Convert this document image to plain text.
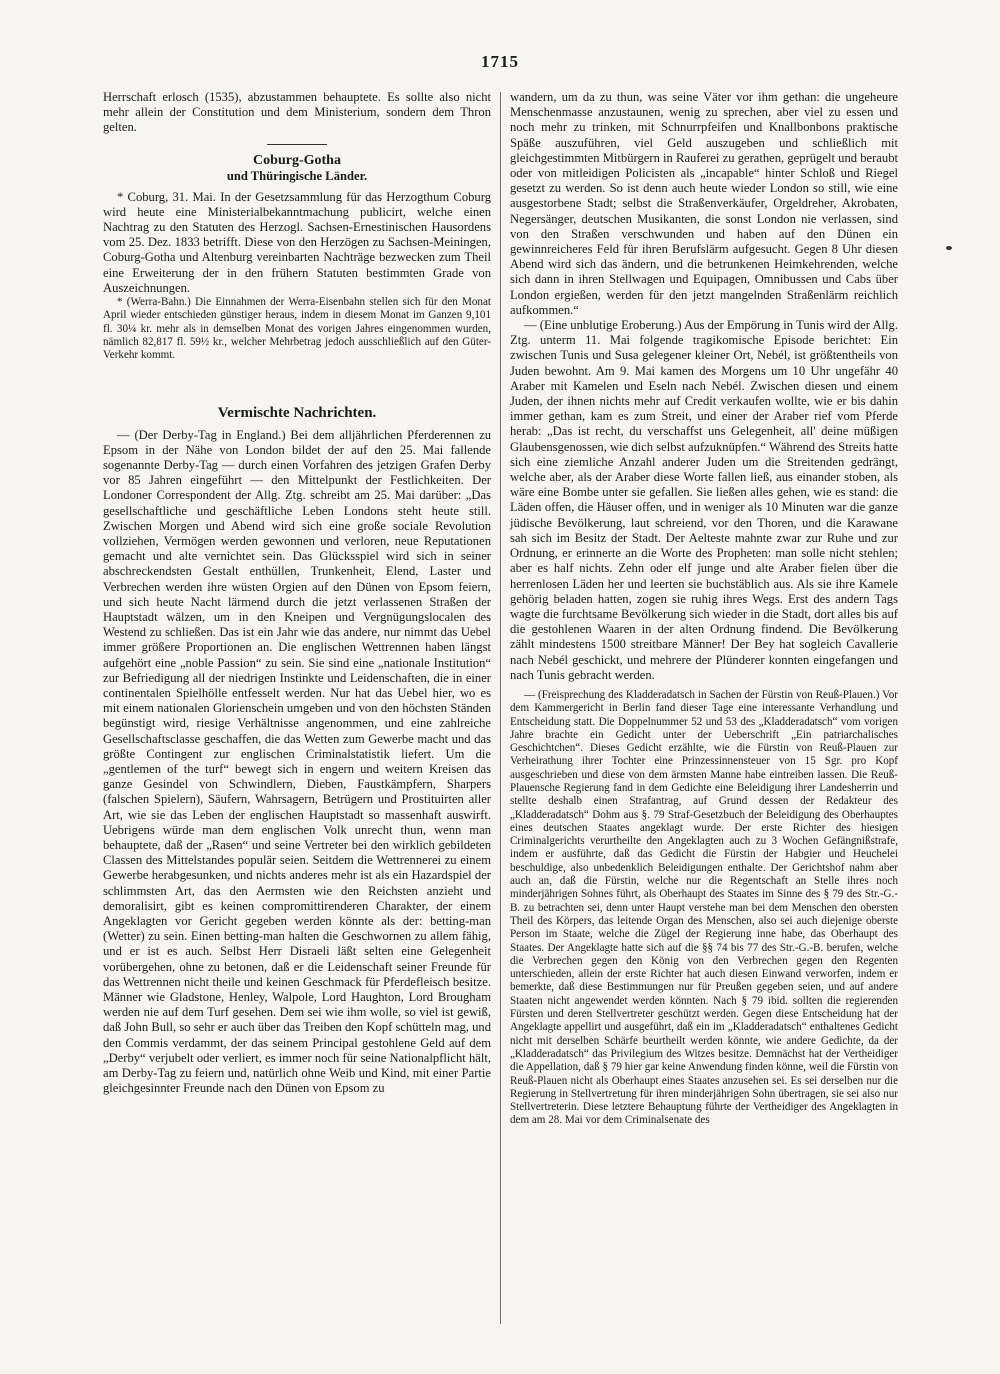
1715

Herrschaft erlosch (1535), abzustammen behauptete. Es sollte also nicht mehr allein der Constitution und dem Ministerium, sondern dem Thron gelten.

Coburg-Gotha
und Thüringische Länder.

* Coburg, 31. Mai. In der Gesetzsammlung für das Herzogthum Coburg wird heute eine Ministerialbekanntmachung publicirt, welche einen Nachtrag zu den Statuten des Herzogl. Sachsen-Ernestinischen Hausordens vom 25. Dez. 1833 betrifft. Diese von den Herzögen zu Sachsen-Meiningen, Coburg-Gotha und Altenburg vereinbarten Nachträge bezwecken zum Theil eine Erweiterung der in den frühern Statuten bestimmten Grade von Auszeichnungen.

* (Werra-Bahn.) Die Einnahmen der Werra-Eisenbahn stellen sich für den Monat April wieder entschieden günstiger heraus, indem in diesem Monat im Ganzen 9,101 fl. 30¼ kr. mehr als in demselben Monat des vorigen Jahres eingenommen wurden, nämlich 82,817 fl. 59½ kr., welcher Mehrbetrag jedoch ausschließlich auf den Güter-Verkehr kommt.

Vermischte Nachrichten.

— (Der Derby-Tag in England.) Bei dem alljährlichen Pferderennen zu Epsom in der Nähe von London bildet der auf den 25. Mai fallende sogenannte Derby-Tag — durch einen Vorfahren des jetzigen Grafen Derby vor 85 Jahren eingeführt — den Mittelpunkt der Festlichkeiten. Der Londoner Correspondent der Allg. Ztg. schreibt am 25. Mai darüber: „Das gesellschaftliche und geschäftliche Leben Londons steht heute still. Zwischen Morgen und Abend wird sich eine große sociale Revolution vollziehen, Vermögen werden gewonnen und verloren, neue Reputationen gemacht und alte vernichtet sein. Das Glücksspiel wird sich in seiner abschreckendsten Gestalt enthüllen, Trunkenheit, Elend, Laster und Verbrechen werden ihre wüsten Orgien auf den Dünen von Epsom feiern, und sich heute Nacht lärmend durch die jetzt verlassenen Straßen der Hauptstadt wälzen, um in den Kneipen und Vergnügungslocalen des Westend zu schließen. Das ist ein Jahr wie das andere, nur nimmt das Uebel immer größere Proportionen an. Die englischen Wettrennen haben längst aufgehört eine „noble Passion“ zu sein. Sie sind eine „nationale Institution“ zur Befriedigung all der niedrigen Instinkte und Leidenschaften, die in einer continentalen Spielhölle entfesselt werden. Nur hat das Uebel hier, wo es mit einem nationalen Glorienschein umgeben und von den höchsten Ständen begünstigt wird, riesige Verhältnisse angenommen, und eine zahlreiche Gesellschaftsclasse geschaffen, die das Wetten zum Gewerbe macht und das größte Contingent zur englischen Criminalstatistik liefert. Um die „gentlemen of the turf“ bewegt sich in engern und weitern Kreisen das ganze Gesindel von Schwindlern, Dieben, Faustkämpfern, Sharpers (falschen Spielern), Säufern, Wahrsagern, Betrügern und Prostituirten aller Art, wie sie das Leben der englischen Hauptstadt so massenhaft auswirft. Uebrigens würde man dem englischen Volk unrecht thun, wenn man behauptete, daß der „Rasen“ und seine Vertreter bei den wirklich gebildeten Classen des Mittelstandes populär seien. Seitdem die Wettrennerei zu einem Gewerbe herabgesunken, und nichts anderes mehr ist als ein Hazardspiel der schlimmsten Art, das den Aermsten wie den Reichsten anzieht und demoralisirt, gibt es keinen compromittirenderen Charakter, der einem Angeklagten vor Gericht gegeben werden könnte als der: betting-man (Wetter) zu sein. Einen betting-man halten die Geschwornen zu allem fähig, und er ist es auch. Selbst Herr Disraeli läßt selten eine Gelegenheit vorübergehen, ohne zu betonen, daß er die Leidenschaft seiner Freunde für das Wettrennen nicht theile und keinen Geschmack für Pferdefleisch besitze. Männer wie Gladstone, Henley, Walpole, Lord Haughton, Lord Brougham werden nie auf dem Turf gesehen. Dem sei wie ihm wolle, so viel ist gewiß, daß John Bull, so sehr er auch über das Treiben den Kopf schütteln mag, und den Commis verdammt, der das seinem Principal gestohlene Geld auf dem „Derby“ verjubelt oder verliert, es immer noch für seine Nationalpflicht hält, am Derby-Tag zu feiern und, natürlich ohne Weib und Kind, mit einer Partie gleichgesinnter Freunde nach den Dünen von Epsom zu

wandern, um da zu thun, was seine Väter vor ihm gethan: die ungeheure Menschenmasse anzustaunen, wenig zu sprechen, aber viel zu essen und noch mehr zu trinken, mit Schnurrpfeifen und Knallbonbons praktische Späße auszuführen, viel Geld auszugeben und schließlich mit gleichgestimmten Mitbürgern in Rauferei zu gerathen, geprügelt und beraubt oder von mitleidigen Policisten als „incapable“ hinter Schloß und Riegel gesetzt zu werden. So ist denn auch heute wieder London so still, wie eine ausgestorbene Stadt; selbst die Straßenverkäufer, Orgeldreher, Akrobaten, Negersänger, deutschen Musikanten, die sonst London nie verlassen, sind von den Straßen verschwunden und haben auf den Dünen ein gewinnreicheres Feld für ihren Berufslärm aufgesucht. Gegen 8 Uhr diesen Abend wird sich das ändern, und die betrunkenen Heimkehrenden, welche sich dann in ihren Stellwagen und Equipagen, Omnibussen und Cabs über London ergießen, werden für den jetzt mangelnden Straßenlärm reichlich aufkommen.“

— (Eine unblutige Eroberung.) Aus der Empörung in Tunis wird der Allg. Ztg. unterm 11. Mai folgende tragikomische Episode berichtet: Ein zwischen Tunis und Susa gelegener kleiner Ort, Nebél, ist größtentheils von Juden bewohnt. Am 9. Mai kamen des Morgens um 10 Uhr ungefähr 40 Araber mit Kamelen und Eseln nach Nebél. Zwischen diesen und einem Juden, der ihnen nichts mehr auf Credit verkaufen wollte, wie er bis dahin immer gethan, kam es zum Streit, und einer der Araber rief vom Pferde herab: „Das ist recht, du verschaffst uns Gelegenheit, all' deine müßigen Glaubensgenossen, wie dich selbst aufzuknüpfen.“ Während des Streits hatte sich eine ziemliche Anzahl anderer Juden um die Streitenden gedrängt, welche aber, als der Araber diese Worte fallen ließ, aus einander stoben, als wäre eine Bombe unter sie gefallen. Sie ließen alles gehen, wie es stand: die Läden offen, die Häuser offen, und in weniger als 10 Minuten war die ganze jüdische Bevölkerung, laut schreiend, vor den Thoren, und die Karawane sah sich im Besitz der Stadt. Der Aelteste mahnte zwar zur Ruhe und zur Ordnung, er erinnerte an die Worte des Propheten: man solle nicht stehlen; aber es half nichts. Zehn oder elf junge und alte Araber fielen über die herrenlosen Läden her und leerten sie buchstäblich aus. Als sie ihre Kamele gehörig beladen hatten, zogen sie ruhig ihres Wegs. Erst des andern Tags wagte die furchtsame Bevölkerung sich wieder in die Stadt, dort alles bis auf die gestohlenen Waaren in der alten Ordnung findend. Die Bevölkerung zählt mindestens 1500 streitbare Männer! Der Bey hat sogleich Cavallerie nach Nebél geschickt, und mehrere der Plünderer konnten eingefangen und nach Tunis gebracht werden.

— (Freisprechung des Kladderadatsch in Sachen der Fürstin von Reuß-Plauen.) Vor dem Kammergericht in Berlin fand dieser Tage eine interessante Verhandlung und Entscheidung statt. Die Doppelnummer 52 und 53 des „Kladderadatsch“ vom vorigen Jahre brachte ein Gedicht unter der Ueberschrift „Ein patriarchalisches Geschichtchen“. Dieses Gedicht erzählte, wie die Fürstin von Reuß-Plauen zur Verheirathung ihrer Tochter eine Prinzessinnensteuer von 15 Sgr. pro Kopf ausgeschrieben und diese von dem ärmsten Manne habe eintreiben lassen. Die Reuß-Plauensche Regierung fand in dem Gedichte eine Beleidigung ihrer Landesherrin und stellte deshalb einen Strafantrag, auf Grund dessen der Redakteur des „Kladderadatsch“ Dohm aus §. 79 Straf-Gesetzbuch der Beleidigung des Oberhauptes eines deutschen Staates angeklagt wurde. Der erste Richter des hiesigen Criminalgerichts verurtheilte den Angeklagten auch zu 3 Wochen Gefängnißstrafe, indem er ausführte, daß das Gedicht die Fürstin der Habgier und Heuchelei beschuldige, also unbedenklich Beleidigungen enthalte. Der Gerichtshof nahm aber auch an, daß die Fürstin, welche nur die Regentschaft an Stelle ihres noch minderjährigen Sohnes führt, als Oberhaupt des Staates im Sinne des § 79 des Str.-G.-B. zu betrachten sei, denn unter Haupt verstehe man bei dem Menschen den obersten Theil des Körpers, das leitende Organ des Menschen, also sei auch diejenige oberste Person im Staate, welche die Zügel der Regierung inne habe, das Oberhaupt des Staates. Der Angeklagte hatte sich auf die §§ 74 bis 77 des Str.-G.-B. berufen, welche die Verbrechen gegen den König von den Verbrechen gegen den Regenten unterschieden, allein der erste Richter hat auch diesen Einwand verworfen, indem er bemerkte, daß diese Bestimmungen nur für Preußen gegeben seien, und auf andere Staaten nicht angewendet werden könnten. Nach § 79 ibid. sollten die regierenden Fürsten und deren Stellvertreter geschützt werden. Gegen diese Entscheidung hat der Angeklagte appellirt und ausgeführt, daß ein im „Kladderadatsch“ enthaltenes Gedicht nicht mit derselben Schärfe beurtheilt werden könnte, wie andere Gedichte, da der „Kladderadatsch“ das Privilegium des Witzes besitze. Demnächst hat der Vertheidiger die Appellation, daß § 79 hier gar keine Anwendung finden könne, weil die Fürstin von Reuß-Plauen nicht als Oberhaupt eines Staates anzusehen sei. Es sei derselben nur die Regierung in Stellvertretung für ihren minderjährigen Sohn übertragen, sie sei also nur Stellvertreterin. Diese letztere Behauptung führte der Vertheidiger des Angeklagten in dem am 28. Mai vor dem Criminalsenate des
